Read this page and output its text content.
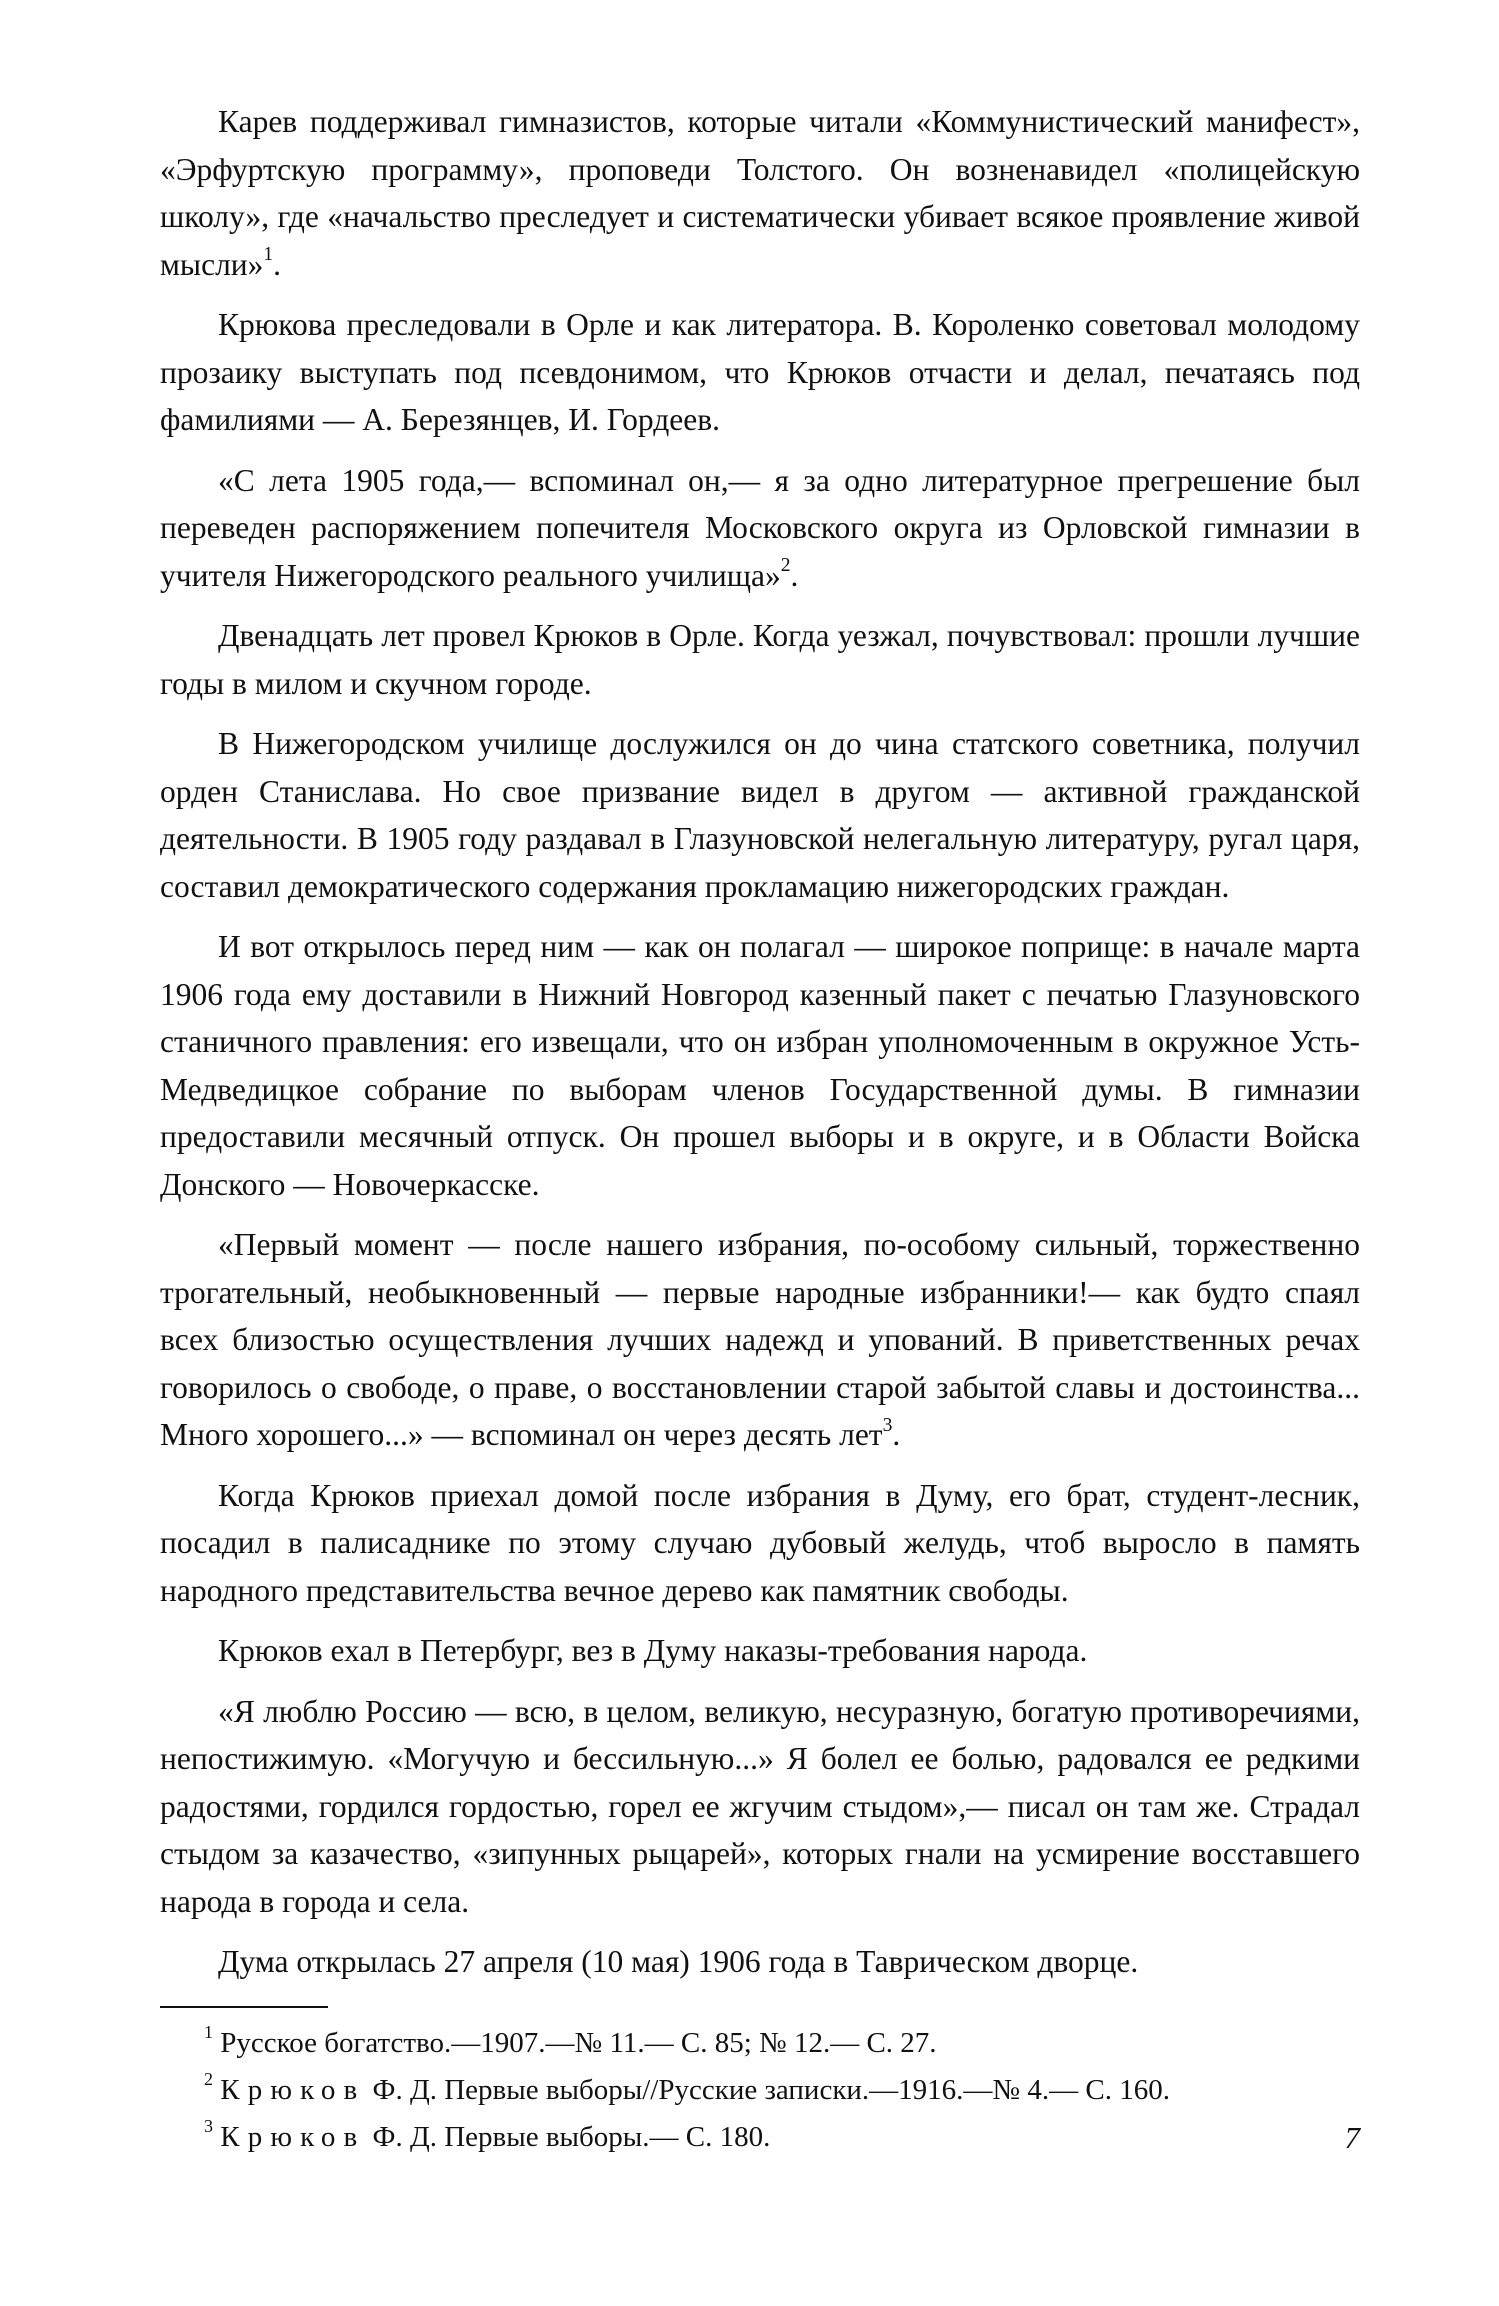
Карев поддерживал гимназистов, которые читали «Коммунистический манифест», «Эрфуртскую программу», проповеди Толстого. Он возненавидел «полицейскую школу», где «начальство преследует и систематически убивает всякое проявление живой мысли»$^1$.

Крюкова преследовали в Орле и как литератора. В. Короленко советовал молодому прозаику выступать под псевдонимом, что Крюков отчасти и делал, печатаясь под фамилиями — А. Березянцев, И. Гордеев.

«С лета 1905 года,— вспоминал он,— я за одно литературное прегрешение был переведен распоряжением попечителя Московского округа из Орловской гимназии в учителя Нижегородского реального училища»$^2$.

Двенадцать лет провел Крюков в Орле. Когда уезжал, почувствовал: прошли лучшие годы в милом и скучном городе.

В Нижегородском училище дослужился он до чина статского советника, получил орден Станислава. Но свое призвание видел в другом — активной гражданской деятельности. В 1905 году раздавал в Глазуновской нелегальную литературу, ругал царя, составил демократического содержания прокламацию нижегородских граждан.

И вот открылось перед ним — как он полагал — широкое поприще: в начале марта 1906 года ему доставили в Нижний Новгород казенный пакет с печатью Глазуновского станичного правления: его извещали, что он избран уполномоченным в окружное Усть-Медведицкое собрание по выборам членов Государственной думы. В гимназии предоставили месячный отпуск. Он прошел выборы и в округе, и в Области Войска Донского — Новочеркасске.

«Первый момент — после нашего избрания, по-особому сильный, торжественно трогательный, необыкновенный — первые народные избранники!— как будто спаял всех близостью осуществления лучших надежд и упований. В приветственных речах говорилось о свободе, о праве, о восстановлении старой забытой славы и достоинства... Много хорошего...» — вспоминал он через десять лет$^3$.

Когда Крюков приехал домой после избрания в Думу, его брат, студент-лесник, посадил в палисаднике по этому случаю дубовый желудь, чтоб выросло в память народного представительства вечное дерево как памятник свободы.

Крюков ехал в Петербург, вез в Думу наказы-требования народа.

«Я люблю Россию — всю, в целом, великую, несуразную, богатую противоречиями, непостижимую. «Могучую и бессильную...» Я болел ее болью, радовался ее редкими радостями, гордился гордостью, горел ее жгучим стыдом»,— писал он там же. Страдал стыдом за казачество, «зипунных рыцарей», которых гнали на усмирение восставшего народа в города и села.

Дума открылась 27 апреля (10 мая) 1906 года в Таврическом дворце.

$^1$ Русское богатство.—1907.—№ 11.— С. 85; № 12.— С. 27.

$^2$ Крюков Ф. Д. Первые выборы//Русские записки.—1916.—№ 4.— С. 160.

$^3$ Крюков Ф. Д. Первые выборы.— С. 180.	7
